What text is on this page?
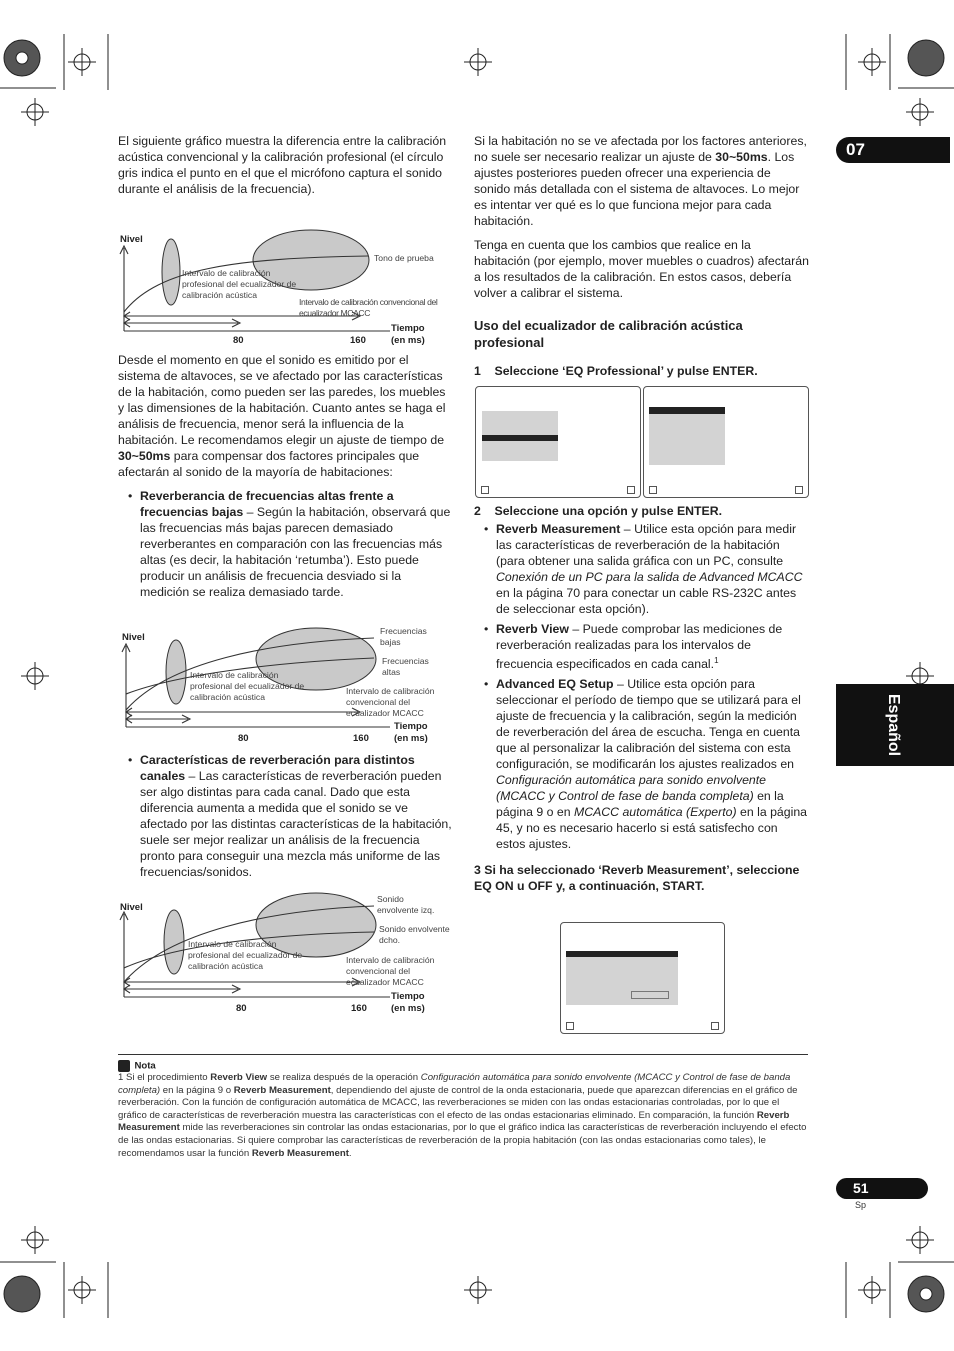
07
Español

El siguiente gráfico muestra la diferencia entre la calibración acústica convencional y la calibración profesional (el círculo gris indica el punto en el que el micrófono captura el sonido durante el análisis de la frecuencia).

Nivel
Intervalo de calibración profesional del ecualizador de calibración acústica
Tono de prueba
Intervalo de calibración convencional del ecualizador MCACC
80	160
Tiempo
(en ms)

Desde el momento en que el sonido es emitido por el sistema de altavoces, se ve afectado por las características de la habitación, como pueden ser las paredes, los muebles y las dimensiones de la habitación. Cuanto antes se haga el análisis de frecuencia, menor será la influencia de la habitación. Le recomendamos elegir un ajuste de tiempo de 30~50ms para compensar dos factores principales que afectarán al sonido de la mayoría de habitaciones:

• Reverberancia de frecuencias altas frente a frecuencias bajas – Según la habitación, observará que las frecuencias más bajas parecen demasiado reverberantes en comparación con las frecuencias más altas (es decir, la habitación ‘retumba’). Esto puede producir un análisis de frecuencia desviado si la medición se realiza demasiado tarde.

Nivel
Frecuencias bajas
Frecuencias altas
Intervalo de calibración profesional del ecualizador de calibración acústica
Intervalo de calibración convencional del ecualizador MCACC
80	160
Tiempo
(en ms)

• Características de reverberación para distintos canales – Las características de reverberación pueden ser algo distintas para cada canal. Dado que esta diferencia aumenta a medida que el sonido se ve afectado por las distintas características de la habitación, suele ser mejor realizar un análisis de la frecuencia pronto para conseguir una mezcla más uniforme de las frecuencias/sonidos.

Nivel
Sonido envolvente izq.
Sonido envolvente dcho.
Intervalo de calibración profesional del ecualizador de calibración acústica
Intervalo de calibración convencional del ecualizador MCACC
80	160
Tiempo
(en ms)

Si la habitación no se ve afectada por los factores anteriores, no suele ser necesario realizar un ajuste de 30~50ms. Los ajustes posteriores pueden ofrecer una experiencia de sonido más detallada con el sistema de altavoces. Lo mejor es intentar ver qué es lo que funciona mejor para cada habitación.

Tenga en cuenta que los cambios que realice en la habitación (por ejemplo, mover muebles o cuadros) afectarán a los resultados de la calibración. En estos casos, debería volver a calibrar el sistema.

Uso del ecualizador de calibración acústica profesional
1    Seleccione ‘EQ Professional’ y pulse ENTER.
2    Seleccione una opción y pulse ENTER.

• Reverb Measurement – Utilice esta opción para medir las características de reverberación de la habitación (para obtener una salida gráfica con un PC, consulte Conexión de un PC para la salida de Advanced MCACC en la página 70 para conectar un cable RS-232C antes de seleccionar esta opción).

• Reverb View – Puede comprobar las mediciones de reverberación realizadas para los intervalos de frecuencia especificados en cada canal.$^1$

• Advanced EQ Setup – Utilice esta opción para seleccionar el período de tiempo que se utilizará para el ajuste de frecuencia y la calibración, según la medición de reverberación del área de escucha. Tenga en cuenta que al personalizar la calibración del sistema con esta configuración, se modificarán los ajustes realizados en Configuración automática para sonido envolvente (MCACC y Control de fase de banda completa) en la página 9 o en MCACC automática (Experto) en la página 45, y no es necesario hacerlo si está satisfecho con estos ajustes.

3 Si ha seleccionado ‘Reverb Measurement’, seleccione EQ ON u OFF y, a continuación, START.
Nota
1 Si el procedimiento Reverb View se realiza después de la operación Configuración automática para sonido envolvente (MCACC y Control de fase de banda completa) en la página 9 o Reverb Measurement, dependiendo del ajuste de control de la onda estacionaria, puede que aparezcan diferencias en el gráfico de reverberación. Con la función de configuración automática de MCACC, las reverberaciones se miden con las ondas estacionarias controladas, por lo que el gráfico de características de reverberación muestra las características con el efecto de las ondas estacionarias eliminado. En comparación, la función Reverb Measurement mide las reverberaciones sin controlar las ondas estacionarias, por lo que el gráfico indica las características de reverberación incluyendo el efecto de las ondas estacionarias. Si quiere comprobar las características de reverberación de la propia habitación (con las ondas estacionarias como tales), le recomendamos usar la función Reverb Measurement.
51
Sp
